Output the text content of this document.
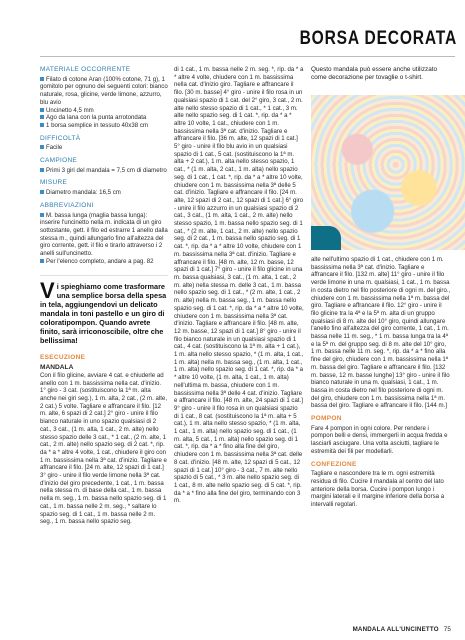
BORSA DECORATA
MATERIALE OCCORRENTE

Filato di cotone Aran (100% cotone, 71 g), 1 gomitolo per ognuno dei seguenti colori: bianco naturale, rosa, glicine, verde limone, azzurro, blu avio

Uncinetto 4,5 mm

Ago da lana con la punta arrotondata

1 borsa semplice in tessuto 40x38 cm

DIFFICOLTÀ

Facile

CAMPIONE

Primi 3 giri del mandala = 7,5 cm di diametro

MISURE

Diametro mandala: 16,5 cm

ABBREVIAZIONI

M. bassa lunga (maglia bassa lunga): inserire l'uncinetto nella m. indicata di un giro sottostante, gett. il filo ed estrarre 1 anello dalla stessa m., quindi allungarlo fino all'altezza del giro corrente, gett. il filo e tirarlo attraverso i 2 anelli sull'uncinetto.

Per l'elenco completo, andare a pag. 82

V i spieghiamo come trasformare una semplice borsa della spesa in tela, aggiungendovi un delicato mandala in toni pastello e un giro di coloratipompon. Quando avrete finito, sarà irriconoscibile, oltre che bellissima!

ESECUZIONE

MANDALA

Con il filo glicine, avviare 4 cat. e chiuderle ad anello con 1 m. bassissima nella cat. d'inizio. 1° giro - 3 cat. (sostituiscono la 1ª m. alta anche nei giri seg.), 1 m. alta, 2 cat., (2 m. alte, 2 cat.) 5 volte. Tagliare e affrancare il filo. [12 m. alte, 6 spazi di 2 cat.] 2° giro - unire il filo bianco naturale in uno spazio qualsiasi di 2 cat., 3 cat., (1 m. alta, 1 cat., 2 m. alte) nello stesso spazio delle 3 cat., * 1 cat., (2 m. alte, 1 cat., 2 m. alte) nello spazio seg. di 2 cat. *, rip. da * a * altre 4 volte, 1 cat., chiudere il giro con 1 m. bassissima nella 3ª cat. d'inizio. Tagliare e affrancare il filo. [24 m. alte, 12 spazi di 1 cat.] 3° giro - unire il filo verde limone nella 3ª cat. d'inizio del giro precedente, 1 cat., 1 m. bassa nella stessa m. di base della cat., 1 m. bassa nella m. seg., 1 m. bassa nello spazio seg. di 1 cat., 1 m. bassa nelle 2 m. seg., * saltare lo spazio seg. di 1 cat., 1 m. bassa nelle 2 m. seg., 1 m. bassa nello spazio seg.

di 1 cat., 1 m. bassa nelle 2 m. seg. *, rip. da * a * altre 4 volte, chiudere con 1 m. bassissima nella cat. d'inizio giro. Tagliare e affrancare il filo. [30 m. basse] 4° giro - unire il filo rosa in un qualsiasi spazio di 1 cat. del 2° giro, 3 cat., 2 m. alte nello stesso spazio di 1 cat., * 1 cat., 3 m. alte nello spazio seg. di 1 cat. *, rip. da * a * altre 10 volte, 1 cat., chiudere con 1 m. bassissima nella 3ª cat. d'inizio. Tagliare e affrancare il filo. [36 m. alte, 12 spazi di 1 cat.] 5° giro - unire il filo blu avio in un qualsiasi spazio di 1 cat., 5 cat. (sostituiscono la 1ª m. alta + 2 cat.), 1 m. alta nello stesso spazio, 1 cat., * (1 m. alta, 2 cat., 1 m. alta) nello spazio seg. di 1 cat., 1 cat. *, rip. da * a * altre 10 volte, chiudere con 1 m. bassissima nella 3ª delle 5 cat. d'inizio. Tagliare e affrancare il filo. [24 m. alte, 12 spazi di 2 cat., 12 spazi di 1 cat.] 6° giro - unire il filo azzurro in un qualsiasi spazio di 2 cat., 3 cat., (1 m. alta, 1 cat., 2 m. alte) nello stesso spazio, 1 m. bassa nello spazio seg. di 1 cat., * (2 m. alte, 1 cat., 2 m. alte) nello spazio seg. di 2 cat., 1 m. bassa nello spazio seg. di 1 cat. *, rip. da * a * altre 10 volte, chiudere con 1 m. bassissima nella 3ª cat. d'inizio. Tagliare e affrancare il filo. [48 m. alte, 12 m. basse, 12 spazi di 1 cat.] 7° giro - unire il filo glicine in una m. bassa qualsiasi, 3 cat., (1 m. alta, 1 cat., 2 m. alte) nella stessa m. delle 3 cat., 1 m. bassa nello spazio seg. di 1 cat., * (2 m. alte, 1 cat., 2 m. alte) nella m. bassa seg., 1 m. bassa nello spazio seg. di 1 cat. *, rip. da * a * altre 10 volte, chiudere con 1 m. bassissima nella 3ª cat. d'inizio. Tagliare e affrancare il filo. [48 m. alte, 12 m. basse, 12 spazi di 1 cat.] 8° giro - unire il filo bianco naturale in un qualsiasi spazio di 1 cat., 4 cat. (sostituiscono la 1ª m. alta + 1 cat.), 1 m. alta nello stesso spazio, * (1 m. alta, 1 cat., 1 m. alta) nella m. bassa seg., (1 m. alta, 1 cat., 1 m. alta) nello spazio seg. di 1 cat. *, rip. da * a * altre 10 volte, (1 m. alta, 1 cat., 1 m. alta) nell'ultima m. bassa, chiudere con 1 m. bassissima nella 3ª delle 4 cat. d'inizio. Tagliare e affrancare il filo. [48 m. alte, 24 spazi di 1 cat.] 9° giro - unire il filo rosa in un qualsiasi spazio di 1 cat., 8 cat. (sostituiscono la 1ª m. alta + 5 cat.), 1 m. alta nello stesso spazio, * (1 m. alta, 1 cat., 1 m. alta) nello spazio seg. di 1 cat., (1 m. alta, 5 cat., 1 m. alta) nello spazio seg. di 1 cat. *, rip. da * a * fino alla fine del giro, chiudere con 1 m. bassissima nella 3ª cat. delle 8 cat. d'inizio. [48 m. alte, 12 spazi di 5 cat., 12 spazi di 1 cat.] 10° giro - 3 cat., 7 m. alte nello spazio di 5 cat., * 3 m. alte nello spazio seg. di 1 cat., 8 m. alte nello spazio seg. di 5 cat. *, rip. da * a * fino alla fine del giro, terminando con 3 m.

Questo mandala può essere anche utilizzato come decorazione per tovaglie o t-shirt.

alte nell'ultimo spazio di 1 cat., chiudere con 1 m. bassissima nella 3ª cat. d'inizio. Tagliare e affrancare il filo. [132 m. alte] 11° giro - unire il filo verde limone in una m. qualsiasi, 1 cat., 1 m. bassa in costa dietro nel filo posteriore di ogni m. del giro., chiudere con 1 m. bassissima nella 1ª m. bassa del giro. Tagliare e affrancare il filo. 12° giro - unire il filo glicine tra la 4ª e la 5ª m. alta di un gruppo qualsiasi di 8 m. alte del 10° giro, quindi allungare l'anello fino all'altezza del giro corrente, 1 cat., 1 m. bassa nelle 11 m. seg., * 1 m. bassa lunga tra la 4ª e la 5ª m. del gruppo seg. di 8 m. alte del 10° giro, 1 m. bassa nelle 11 m. seg. *, rip. da * a * fino alla fine del giro, chiudere con 1 m. bassissima nella 1ª m. bassa del giro. Tagliare e affrancare il filo. [132 m. basse, 12 m. basse lunghe] 13° giro - unire il filo bianco naturale in una m. qualsiasi, 1 cat., 1 m. bassa in costa dietro nel filo posteriore di ogni m. del giro, chiudere con 1 m. bassissima nella 1ª m. bassa del giro. Tagliare e affrancare il filo. [144 m.]

POMPON

Fare 4 pompon in ogni colore. Per rendere i pompon belli e densi, immergerli in acqua fredda e lasciarli asciugare. Una volta asciutti, tagliare le estremità dei fili per modellarli.

CONFEZIONE

Tagliare e nascondere tra le m. ogni estremità residua di filo. Cucire il mandala al centro del lato anteriore della borsa. Cucire i pompon lungo i margini laterali e il margine inferiore della borsa a intervalli regolari.

MANDALA ALL'UNCINETTO 75
